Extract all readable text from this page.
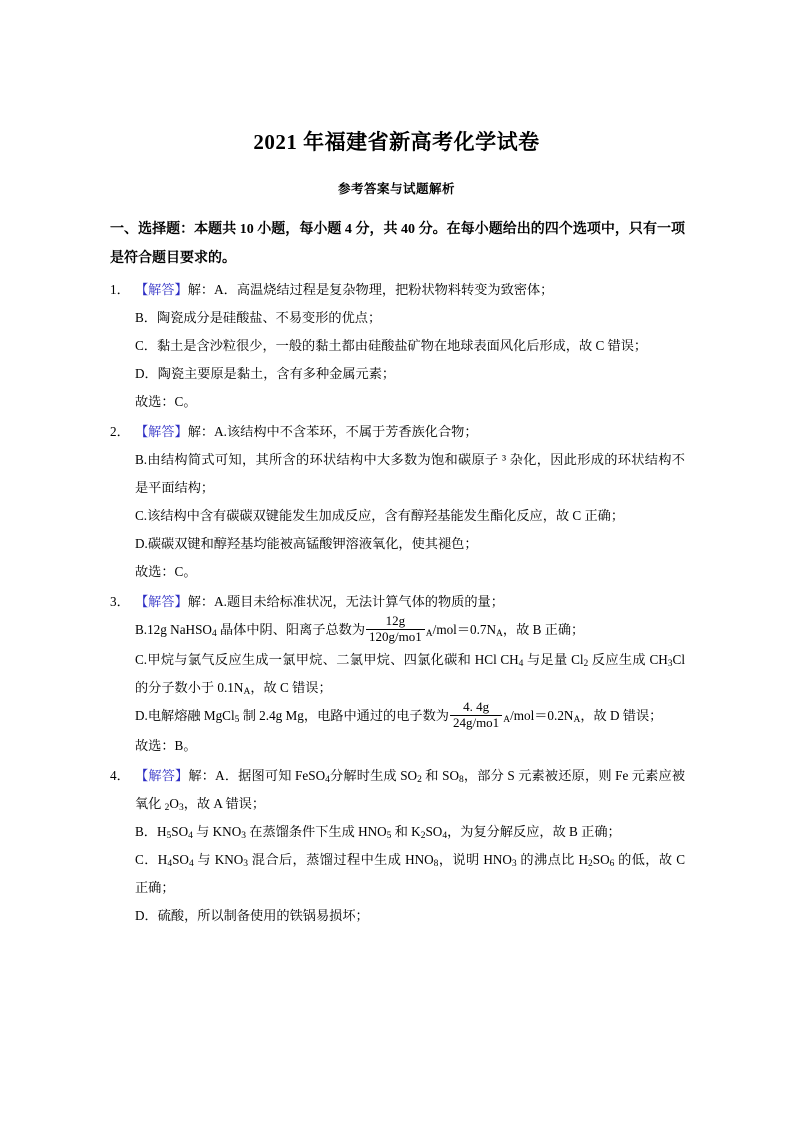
2021 年福建省新高考化学试卷
参考答案与试题解析
一、选择题：本题共 10 小题，每小题 4 分，共 40 分。在每小题给出的四个选项中，只有一项是符合题目要求的。
1． 【解答】解：A．高温烧结过程是复杂物理，把粉状物料转变为致密体；
B．陶瓷成分是硅酸盐、不易变形的优点；
C．黏土是含沙粒很少，一般的黏土都由硅酸盐矿物在地球表面风化后形成，故 C 错误；
D．陶瓷主要原是黏土，含有多种金属元素；
故选：C。
2． 【解答】解：A.该结构中不含苯环，不属于芳香族化合物；
B.由结构简式可知，其所含的环状结构中大多数为饱和碳原子 ³ 杂化，因此形成的环状结构不是平面结构；
C.该结构中含有碳碳双键能发生加成反应，含有醇羟基能发生酯化反应，故 C 正确；
D.碳碳双键和醇羟基均能被高锰酸钾溶液氧化，使其褪色；
故选：C。
3． 【解答】解：A.题目未给标准状况，无法计算气体的物质的量；
B.12g NaHSO$_4$ 晶体中阴、阳离子总数为 $\frac{12g}{120g/mo1} _A/mol=0.7N_A$，故 B 正确；
C.甲烷与氯气反应生成一氯甲烷、二氯甲烷、四氯化碳和 HCl $CH_4$ 与足量 $Cl_2$ 反应生成 $CH_3Cl$ 的分子数小于 $0.1N_A$，故 C 错误；
D.电解熔融 MgCl$_5$ 制 2.4g Mg，电路中通过的电子数为 $\frac{4. 4g}{24g/mo1} _A/mol=0.2N_A$，故 D 错误；
故选：B。
4． 【解答】解：A．据图可知 FeSO$_4$分解时生成 $SO_2$ 和 $SO_8$，部分 S 元素被还原，则 Fe 元素应被氧化 $_2O_3$，故 A 错误；
B．$H_5SO_4$ 与 $KNO_3$ 在蒸馏条件下生成 $HNO_5$ 和 $K_2SO_4$，为复分解反应，故 B 正确；
C．$H_4SO_4$ 与 $KNO_3$ 混合后，蒸馏过程中生成 $HNO_8$，说明 $HNO_3$ 的沸点比 $H_2SO_6$ 的低，故 C 正确；
D．硫酸，所以制备使用的铁锅易损坏；
